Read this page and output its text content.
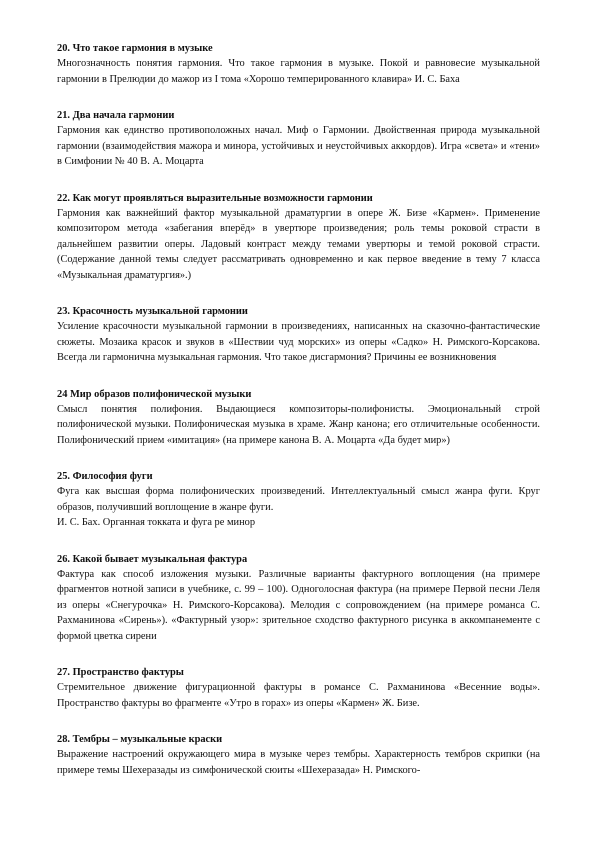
20. Что такое гармония в музыке

Многозначность понятия гармония. Что такое гармония в музыке. Покой и равновесие музыкальной гармонии в Прелюдии до мажор из I тома «Хорошо темперированного клавира» И. С. Баха

21. Два начала гармонии

Гармония как единство противоположных начал. Миф о Гармонии. Двойственная природа музыкальной гармонии (взаимодействия мажора и минора, устойчивых и неустойчивых аккордов). Игра «света» и «тени» в Симфонии № 40 В. А. Моцарта

22. Как могут проявляться выразительные возможности гармонии

Гармония как важнейший фактор музыкальной драматургии в опере Ж. Бизе «Кармен». Применение композитором метода «забегания вперёд» в увертюре произведения; роль темы роковой страсти в дальнейшем развитии оперы. Ладовый контраст между темами увертюры и темой роковой страсти. (Содержание данной темы следует рассматривать одновременно и как первое введение в тему 7 класса «Музыкальная драматургия».)

23. Красочность музыкальной гармонии

Усиление красочности музыкальной гармонии в произведениях, написанных на сказочно-фантастические сюжеты. Мозаика красок и звуков в «Шествии чуд морских» из оперы «Садко» Н. Римского-Корсакова. Всегда ли гармонична музыкальная гармония. Что такое дисгармония? Причины ее возникновения

24 Мир образов полифонической музыки

Смысл понятия полифония. Выдающиеся композиторы-полифонисты. Эмоциональный строй полифонической музыки. Полифоническая музыка в храме. Жанр канона; его отличительные особенности. Полифонический прием «имитация» (на примере канона В. А. Моцарта «Да будет мир»)

25. Философия фуги

Фуга как высшая форма полифонических произведений. Интеллектуальный смысл жанра фуги. Круг образов, получивший воплощение в жанре фуги.

И. С. Бах. Органная токката и фуга ре минор

26. Какой бывает музыкальная фактура

Фактура как способ изложения музыки. Различные варианты фактурного воплощения (на примере фрагментов нотной записи в учебнике, с. 99 – 100). Одноголосная фактура (на примере Первой песни Леля из оперы «Снегурочка» Н. Римского-Корсакова). Мелодия с сопровождением (на примере романса С. Рахманинова «Сирень»). «Фактурный узор»: зрительное сходство фактурного рисунка в аккомпанементе с формой цветка сирени

27. Пространство фактуры

Стремительное движение фигурационной фактуры в романсе С. Рахманинова «Весенние воды». Пространство фактуры во фрагменте «Утро в горах» из оперы «Кармен» Ж. Бизе.

28. Тембры – музыкальные краски

Выражение настроений окружающего мира в музыке через тембры. Характерность тембров скрипки (на примере темы Шехеразады из симфонической сюиты «Шехеразада» Н. Римского-
